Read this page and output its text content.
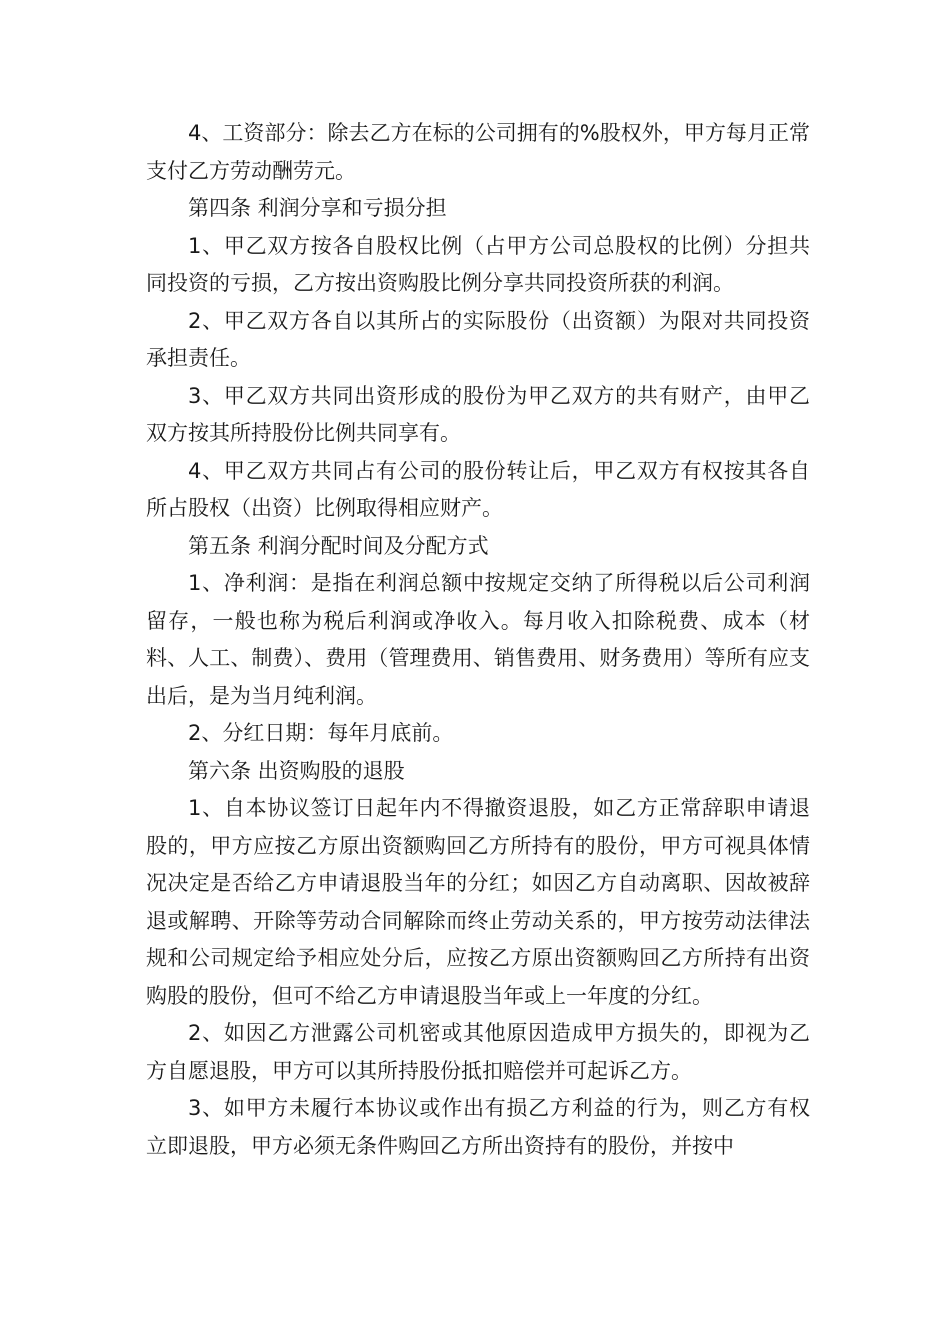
4、工资部分：除去乙方在标的公司拥有的%股权外，甲方每月正常支付乙方劳动酬劳元。

第四条 利润分享和亏损分担

1、甲乙双方按各自股权比例（占甲方公司总股权的比例）分担共同投资的亏损，乙方按出资购股比例分享共同投资所获的利润。

2、甲乙双方各自以其所占的实际股份（出资额）为限对共同投资承担责任。

3、甲乙双方共同出资形成的股份为甲乙双方的共有财产，由甲乙双方按其所持股份比例共同享有。

4、甲乙双方共同占有公司的股份转让后，甲乙双方有权按其各自所占股权（出资）比例取得相应财产。

第五条 利润分配时间及分配方式

1、净利润：是指在利润总额中按规定交纳了所得税以后公司利润留存，一般也称为税后利润或净收入。每月收入扣除税费、成本（材料、人工、制费）、费用（管理费用、销售费用、财务费用）等所有应支出后，是为当月纯利润。

2、分红日期：每年月底前。

第六条 出资购股的退股

1、自本协议签订日起年内不得撤资退股，如乙方正常辞职申请退股的，甲方应按乙方原出资额购回乙方所持有的股份，甲方可视具体情况决定是否给乙方申请退股当年的分红；如因乙方自动离职、因故被辞退或解聘、开除等劳动合同解除而终止劳动关系的，甲方按劳动法律法规和公司规定给予相应处分后，应按乙方原出资额购回乙方所持有出资购股的股份，但可不给乙方申请退股当年或上一年度的分红。

2、如因乙方泄露公司机密或其他原因造成甲方损失的，即视为乙方自愿退股，甲方可以其所持股份抵扣赔偿并可起诉乙方。

3、如甲方未履行本协议或作出有损乙方利益的行为，则乙方有权立即退股，甲方必须无条件购回乙方所出资持有的股份，并按中
